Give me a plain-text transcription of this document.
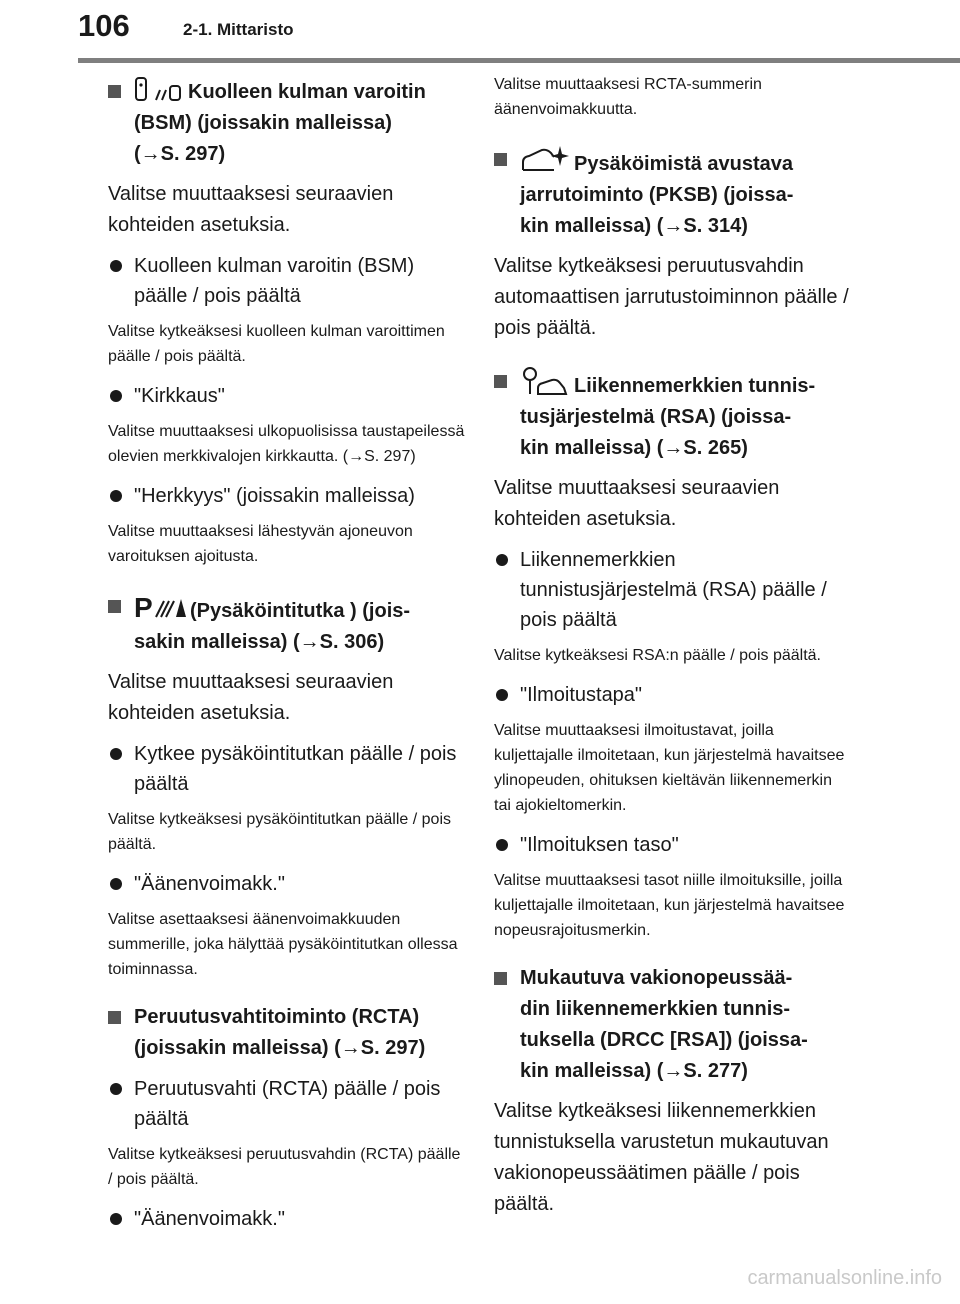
106	2-1. Mittaristo
Kuolleen kulman varoitin
(BSM) (joissakin malleissa)
(→S. 297)

Valitse muuttaaksesi seuraavien kohteiden asetuksia.

Kuolleen kulman varoitin (BSM) päälle / pois päältä

Valitse kytkeäksesi kuolleen kulman varoittimen päälle / pois päältä.

"Kirkkaus"

Valitse muuttaaksesi ulkopuolisissa taustapeilessä olevien merkkivalojen kirkkautta. (→S. 297)

"Herkkyys" (joissakin malleissa)

Valitse muuttaaksesi lähestyvän ajoneuvon varoituksen ajoitusta.

P (Pysäköintitutka ) (jois-
sakin malleissa) (→S. 306)

Valitse muuttaaksesi seuraavien kohteiden asetuksia.

Kytkee pysäköintitutkan päälle / pois päältä

Valitse kytkeäksesi pysäköintitutkan päälle / pois päältä.

"Äänenvoimakk."

Valitse asettaaksesi äänenvoimakkuuden summerille, joka hälyttää pysäköintitutkan ollessa toiminnassa.

Peruutusvahtitoiminto (RCTA)
(joissakin malleissa) (→S. 297)
Peruutusvahti (RCTA) päälle / pois päältä

Valitse kytkeäksesi peruutusvahdin (RCTA) päälle / pois päältä.

"Äänenvoimakk."

Valitse muuttaaksesi RCTA-summerin äänenvoimakkuutta.

Pysäköimistä avustava
jarrutoiminto (PKSB) (joissa-
kin malleissa) (→S. 314)

Valitse kytkeäksesi peruutusvahdin automaattisen jarrutustoiminnon päälle / pois päältä.

Liikennemerkkien tunnis-
tusjärjestelmä (RSA) (joissa-
kin malleissa) (→S. 265)

Valitse muuttaaksesi seuraavien kohteiden asetuksia.

Liikennemerkkien tunnistusjärjestelmä (RSA) päälle / pois päältä

Valitse kytkeäksesi RSA:n päälle / pois päältä.

"Ilmoitustapa"

Valitse muuttaaksesi ilmoitustavat, joilla kuljettajalle ilmoitetaan, kun järjestelmä havaitsee ylinopeuden, ohituksen kieltävän liikennemerkin tai ajokieltomerkin.

"Ilmoituksen taso"

Valitse muuttaaksesi tasot niille ilmoituksille, joilla kuljettajalle ilmoitetaan, kun järjestelmä havaitsee nopeusrajoitusmerkin.

Mukautuva vakionopeussää-
din liikennemerkkien tunnis-
tuksella (DRCC [RSA]) (joissa-
kin malleissa) (→S. 277)

Valitse kytkeäksesi liikennemerkkien tunnistuksella varustetun mukautuvan vakionopeussäätimen päälle / pois päältä.

carmanualsonline.info
